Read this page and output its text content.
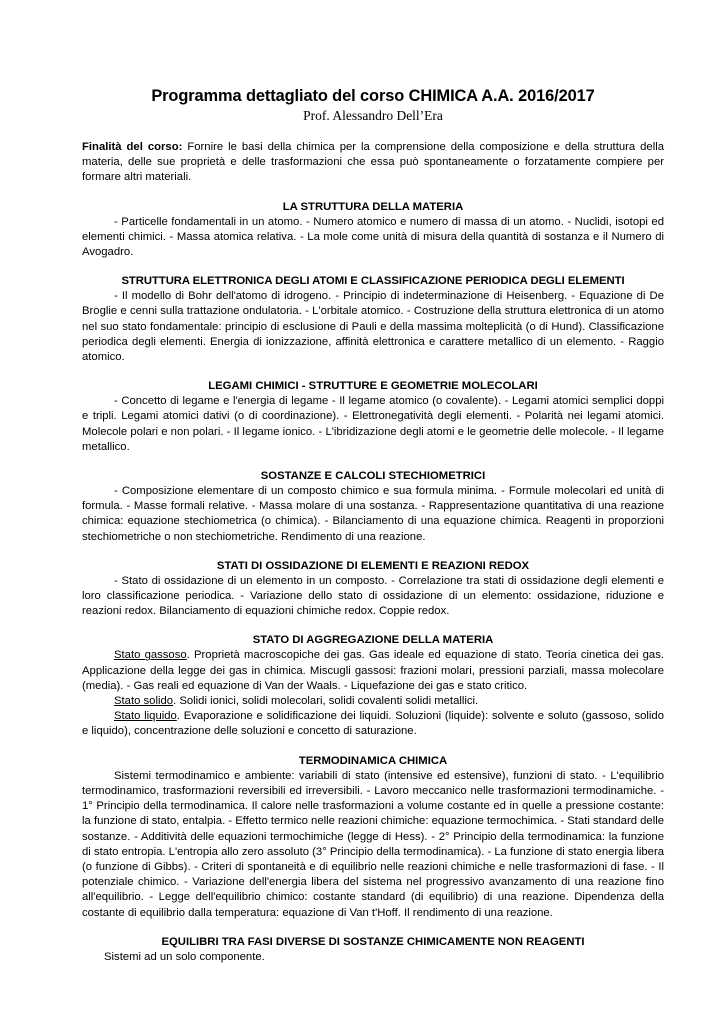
Programma dettagliato del corso CHIMICA A.A. 2016/2017

Prof. Alessandro Dell’Era

Finalità del corso: Fornire le basi della chimica per la comprensione della composizione e della struttura della materia, delle sue proprietà e delle trasformazioni che essa può spontaneamente o forzatamente compiere per formare altri materiali.

LA STRUTTURA DELLA MATERIA

- Particelle fondamentali in un atomo. - Numero atomico e numero di massa di un atomo. - Nuclidi, isotopi ed elementi chimici. - Massa atomica relativa. - La mole come unità di misura della quantità di sostanza e il Numero di Avogadro.

STRUTTURA ELETTRONICA DEGLI ATOMI E CLASSIFICAZIONE PERIODICA DEGLI ELEMENTI

- Il modello di Bohr dell'atomo di idrogeno. - Principio di indeterminazione di Heisenberg. - Equazione di De Broglie e cenni sulla trattazione ondulatoria. - L'orbitale atomico. - Costruzione della struttura elettronica di un atomo nel suo stato fondamentale: principio di esclusione di Pauli e della massima molteplicità (o di Hund). Classificazione periodica degli elementi. Energia di ionizzazione, affinità elettronica e carattere metallico di un elemento. - Raggio atomico.

LEGAMI CHIMICI - STRUTTURE E GEOMETRIE MOLECOLARI

- Concetto di legame e l'energia di legame - Il legame atomico (o covalente). - Legami atomici semplici doppi e tripli. Legami atomici dativi (o di coordinazione). - Elettronegatività degli elementi. - Polarità nei legami atomici. Molecole polari e non polari. - Il legame ionico. - L'ibridizazione degli atomi e le geometrie delle molecole. - Il legame metallico.

SOSTANZE E CALCOLI STECHIOMETRICI

- Composizione elementare di un composto chimico e sua formula minima. - Formule molecolari ed unità di formula. - Masse formali relative. - Massa molare di una sostanza. - Rappresentazione quantitativa di una reazione chimica: equazione stechiometrica (o chimica). - Bilanciamento di una equazione chimica. Reagenti in proporzioni stechiometriche o non stechiometriche. Rendimento di una reazione.

STATI DI OSSIDAZIONE DI ELEMENTI E REAZIONI REDOX

- Stato di ossidazione di un elemento in un composto. - Correlazione tra stati di ossidazione degli elementi e loro classificazione periodica. - Variazione dello stato di ossidazione di un elemento: ossidazione, riduzione e reazioni redox. Bilanciamento di equazioni chimiche redox. Coppie redox.

STATO DI AGGREGAZIONE DELLA MATERIA

Stato gassoso. Proprietà macroscopiche dei gas. Gas ideale ed equazione di stato. Teoria cinetica dei gas. Applicazione della legge dei gas in chimica. Miscugli gassosi: frazioni molari, pressioni parziali, massa molecolare (media). - Gas reali ed equazione di Van der Waals. - Liquefazione dei gas e stato critico.

Stato solido. Solidi ionici, solidi molecolari, solidi covalenti solidi metallici.

Stato liquido. Evaporazione e solidificazione dei liquidi. Soluzioni (liquide): solvente e soluto (gassoso, solido e liquido), concentrazione delle soluzioni e concetto di saturazione.

TERMODINAMICA CHIMICA

Sistemi termodinamico e ambiente: variabili di stato (intensive ed estensive), funzioni di stato. - L'equilibrio termodinamico, trasformazioni reversibili ed irreversibili. - Lavoro meccanico nelle trasformazioni termodinamiche. - 1° Principio della termodinamica. Il calore nelle trasformazioni a volume costante ed in quelle a pressione costante: la funzione di stato, entalpia. - Effetto termico nelle reazioni chimiche: equazione termochimica. - Stati standard delle sostanze. - Additività delle equazioni termochimiche (legge di Hess). - 2° Principio della termodinamica: la funzione di stato entropia. L'entropia allo zero assoluto (3° Principio della termodinamica). - La funzione di stato energia libera (o funzione di Gibbs). - Criteri di spontaneità e di equilibrio nelle reazioni chimiche e nelle trasformazioni di fase. - Il potenziale chimico. - Variazione dell'energia libera del sistema nel progressivo avanzamento di una reazione fino all'equilibrio. - Legge dell'equilibrio chimico: costante standard (di equilibrio) di una reazione. Dipendenza della costante di equilibrio dalla temperatura: equazione di Van t'Hoff. Il rendimento di una reazione.

EQUILIBRI TRA FASI DIVERSE DI SOSTANZE CHIMICAMENTE NON REAGENTI

Sistemi ad un solo componente.
